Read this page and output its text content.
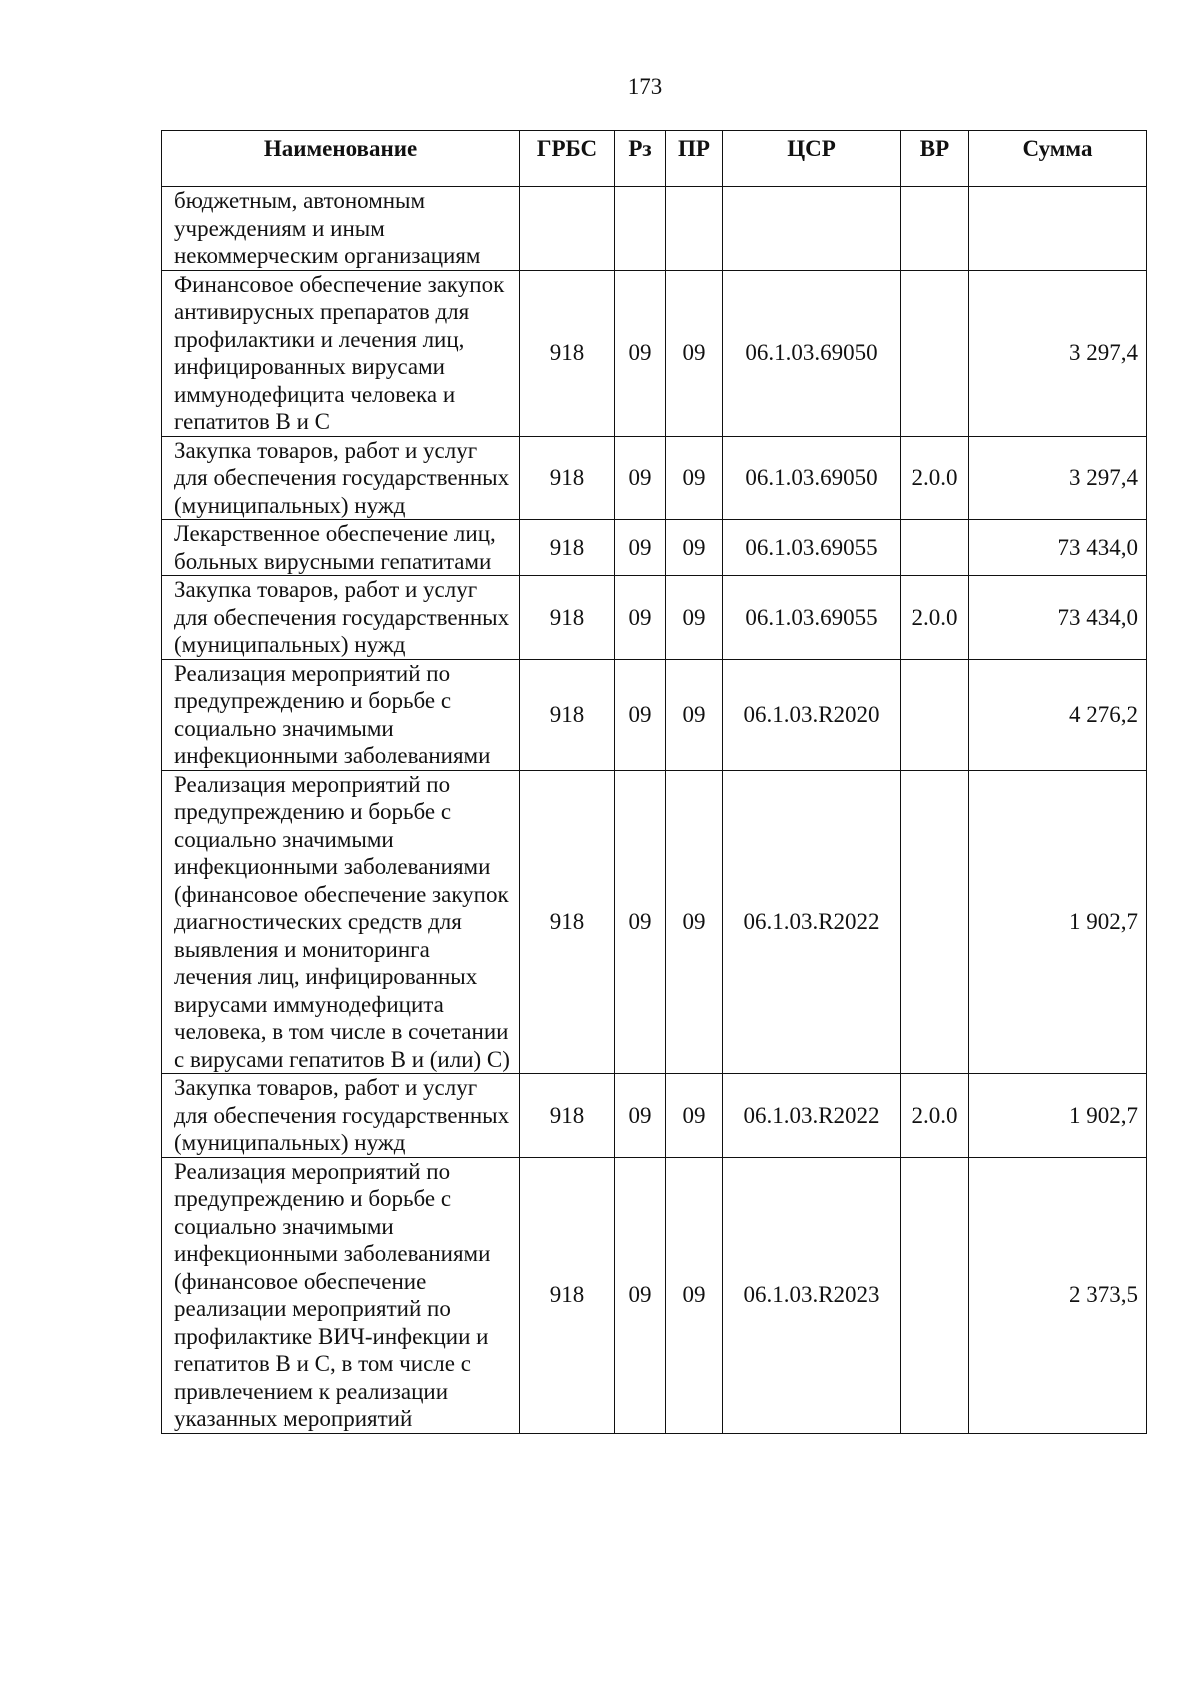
173
Наименование	ГРБС	Рз	ПР	ЦСР	ВР	Сумма
бюджетным, автономным учреждениям и иным некоммерческим организациям						
Финансовое обеспечение закупок антивирусных препаратов для профилактики и лечения лиц, инфицированных вирусами иммунодефицита человека и гепатитов В и С	918	09	09	06.1.03.69050		3 297,4
Закупка товаров, работ и услуг для обеспечения государственных (муниципальных) нужд	918	09	09	06.1.03.69050	2.0.0	3 297,4
Лекарственное обеспечение лиц, больных вирусными гепатитами	918	09	09	06.1.03.69055		73 434,0
Закупка товаров, работ и услуг для обеспечения государственных (муниципальных) нужд	918	09	09	06.1.03.69055	2.0.0	73 434,0
Реализация мероприятий по предупреждению и борьбе с социально значимыми инфекционными заболеваниями	918	09	09	06.1.03.R2020		4 276,2
Реализация мероприятий по предупреждению и борьбе с социально значимыми инфекционными заболеваниями (финансовое обеспечение закупок диагностических средств для выявления и мониторинга лечения лиц, инфицированных вирусами иммунодефицита человека, в том числе в сочетании с вирусами гепатитов В и (или) С)	918	09	09	06.1.03.R2022		1 902,7
Закупка товаров, работ и услуг для обеспечения государственных (муниципальных) нужд	918	09	09	06.1.03.R2022	2.0.0	1 902,7
Реализация мероприятий по предупреждению и борьбе с социально значимыми инфекционными заболеваниями (финансовое обеспечение реализации мероприятий по профилактике ВИЧ-инфекции и гепатитов В и С, в том числе с привлечением к реализации указанных мероприятий	918	09	09	06.1.03.R2023		2 373,5
